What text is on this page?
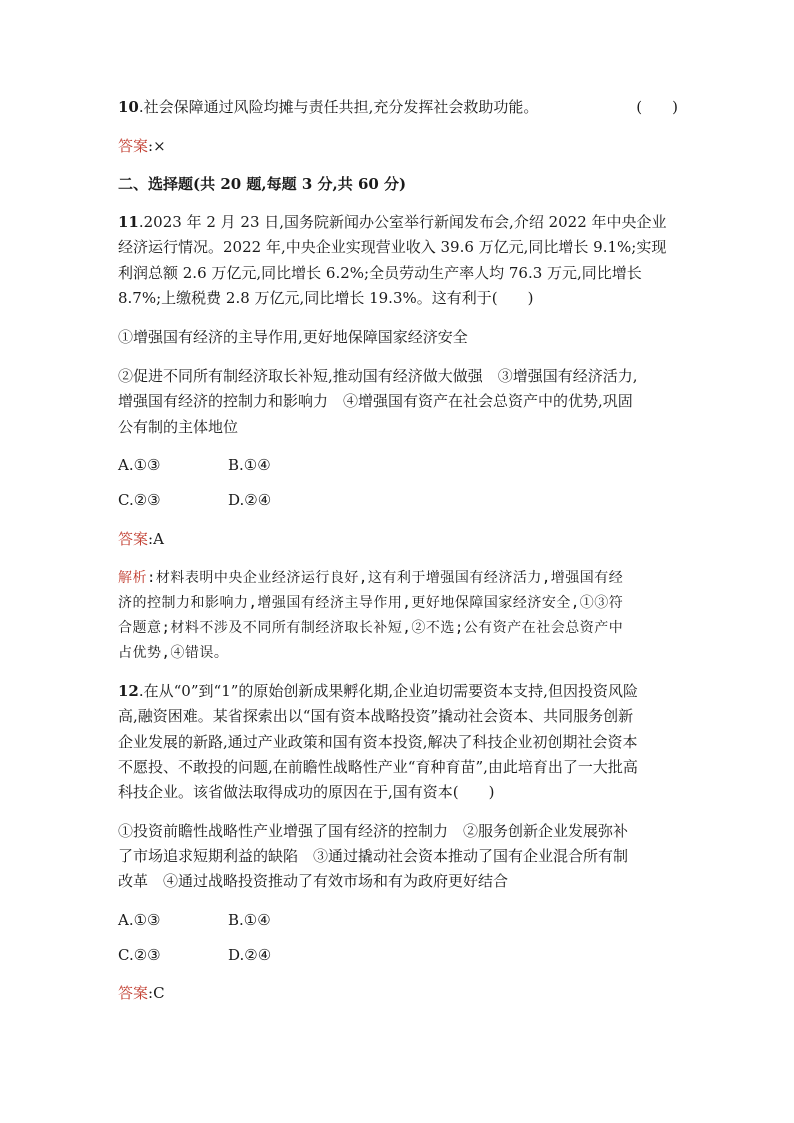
10.社会保障通过风险均摊与责任共担,充分发挥社会救助功能。	(　　)
答案:×
二、选择题(共 20 题,每题 3 分,共 60 分)
11.2023 年 2 月 23 日,国务院新闻办公室举行新闻发布会,介绍 2022 年中央企业
经济运行情况。2022 年,中央企业实现营业收入 39.6 万亿元,同比增长 9.1%;实现
利润总额 2.6 万亿元,同比增长 6.2%;全员劳动生产率人均 76.3 万元,同比增长
8.7%;上缴税费 2.8 万亿元,同比增长 19.3%。这有利于(　　)
①增强国有经济的主导作用,更好地保障国家经济安全
②促进不同所有制经济取长补短,推动国有经济做大做强　③增强国有经济活力,
增强国有经济的控制力和影响力　④增强国有资产在社会总资产中的优势,巩固
公有制的主体地位
A.①③	B.①④
C.②③	D.②④
答案:A
解析:材料表明中央企业经济运行良好,这有利于增强国有经济活力,增强国有经
济的控制力和影响力,增强国有经济主导作用,更好地保障国家经济安全,①③符
合题意;材料不涉及不同所有制经济取长补短,②不选;公有资产在社会总资产中
占优势,④错误。
12.在从“0”到“1”的原始创新成果孵化期,企业迫切需要资本支持,但因投资风险
高,融资困难。某省探索出以“国有资本战略投资”撬动社会资本、共同服务创新
企业发展的新路,通过产业政策和国有资本投资,解决了科技企业初创期社会资本
不愿投、不敢投的问题,在前瞻性战略性产业“育种育苗”,由此培育出了一大批高
科技企业。该省做法取得成功的原因在于,国有资本(　　)
①投资前瞻性战略性产业增强了国有经济的控制力　②服务创新企业发展弥补
了市场追求短期利益的缺陷　③通过撬动社会资本推动了国有企业混合所有制
改革　④通过战略投资推动了有效市场和有为政府更好结合
A.①③	B.①④
C.②③	D.②④
答案:C
